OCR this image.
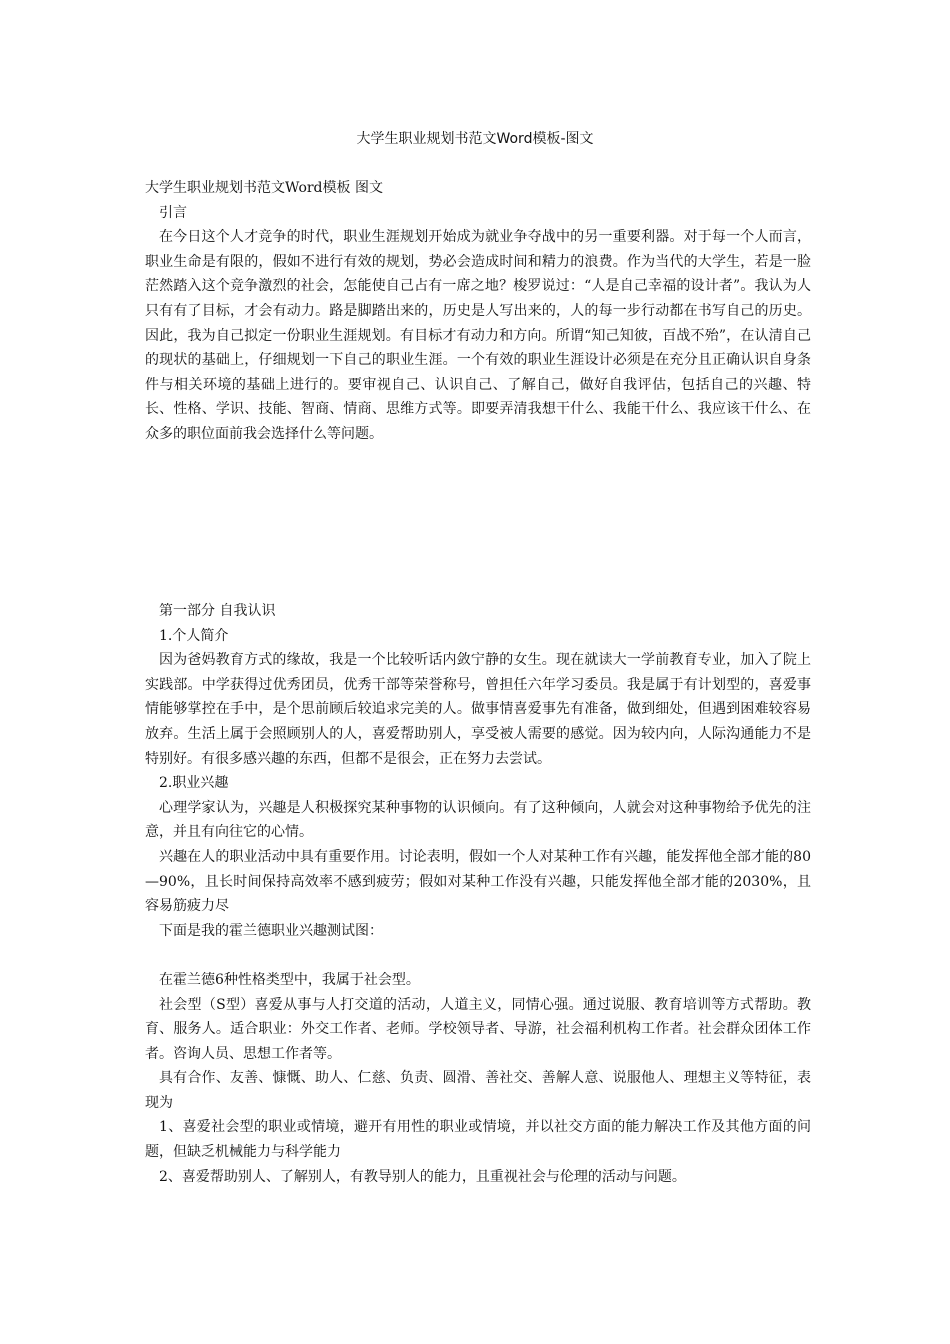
大学生职业规划书范文Word模板-图文

大学生职业规划书范文Word模板 图文

引言

在今日这个人才竞争的时代，职业生涯规划开始成为就业争夺战中的另一重要利器。对于每一个人而言，职业生命是有限的，假如不进行有效的规划，势必会造成时间和精力的浪费。作为当代的大学生，若是一脸茫然踏入这个竞争激烈的社会，怎能使自己占有一席之地？梭罗说过：“人是自己幸福的设计者”。我认为人只有有了目标，才会有动力。路是脚踏出来的，历史是人写出来的，人的每一步行动都在书写自己的历史。因此，我为自己拟定一份职业生涯规划。有目标才有动力和方向。所谓“知己知彼，百战不殆”，在认清自己的现状的基础上，仔细规划一下自己的职业生涯。一个有效的职业生涯设计必须是在充分且正确认识自身条件与相关环境的基础上进行的。要审视自己、认识自己、了解自己，做好自我评估，包括自己的兴趣、特长、性格、学识、技能、智商、情商、思维方式等。即要弄清我想干什么、我能干什么、我应该干什么、在众多的职位面前我会选择什么等问题。

第一部分 自我认识

1.个人简介

因为爸妈教育方式的缘故，我是一个比较听话内敛宁静的女生。现在就读大一学前教育专业，加入了院上实践部。中学获得过优秀团员，优秀干部等荣誉称号，曾担任六年学习委员。我是属于有计划型的，喜爱事情能够掌控在手中，是个思前顾后较追求完美的人。做事情喜爱事先有准备，做到细处，但遇到困难较容易放弃。生活上属于会照顾别人的人，喜爱帮助别人，享受被人需要的感觉。因为较内向，人际沟通能力不是特别好。有很多感兴趣的东西，但都不是很会，正在努力去尝试。

2.职业兴趣

心理学家认为，兴趣是人积极探究某种事物的认识倾向。有了这种倾向，人就会对这种事物给予优先的注意，并且有向往它的心情。

兴趣在人的职业活动中具有重要作用。讨论表明，假如一个人对某种工作有兴趣，能发挥他全部才能的80—90%，且长时间保持高效率不感到疲劳；假如对某种工作没有兴趣，只能发挥他全部才能的2030%，且容易筋疲力尽

下面是我的霍兰德职业兴趣测试图：

在霍兰德6种性格类型中，我属于社会型。

社会型（S型）喜爱从事与人打交道的活动，人道主义，同情心强。通过说服、教育培训等方式帮助。教育、服务人。适合职业：外交工作者、老师。学校领导者、导游，社会福利机构工作者。社会群众团体工作者。咨询人员、思想工作者等。

具有合作、友善、慷慨、助人、仁慈、负责、圆滑、善社交、善解人意、说服他人、理想主义等特征，表现为

1、喜爱社会型的职业或情境，避开有用性的职业或情境，并以社交方面的能力解决工作及其他方面的问题，但缺乏机械能力与科学能力

2、喜爱帮助别人、了解别人，有教导别人的能力，且重视社会与伦理的活动与问题。
